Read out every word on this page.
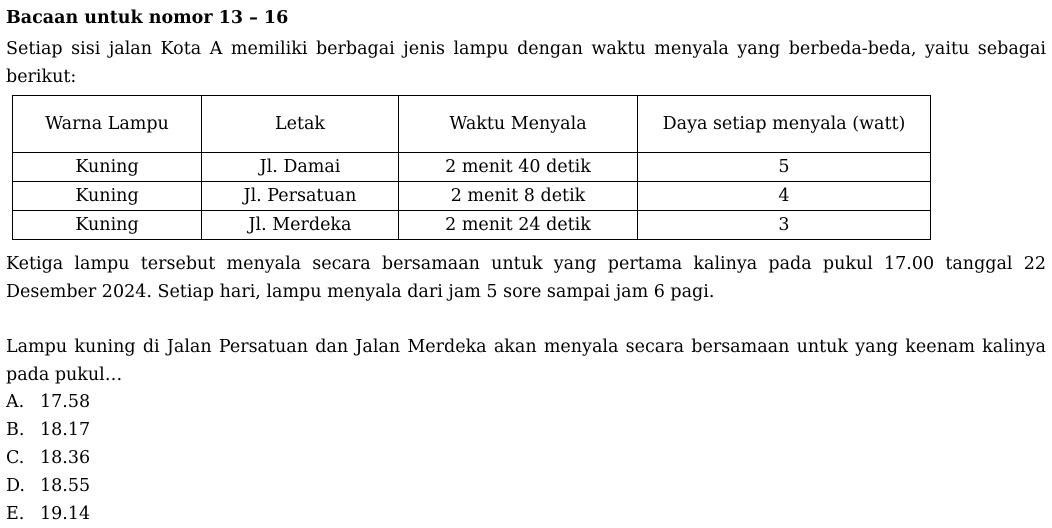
Bacaan untuk nomor 13 – 16
Setiap sisi jalan Kota A memiliki berbagai jenis lampu dengan waktu menyala yang berbeda-beda, yaitu sebagai berikut:
Warna Lampu	Letak	Waktu Menyala	Daya setiap menyala (watt)
Kuning	Jl. Damai	2 menit 40 detik	5
Kuning	Jl. Persatuan	2 menit 8 detik	4
Kuning	Jl. Merdeka	2 menit 24 detik	3
Ketiga lampu tersebut menyala secara bersamaan untuk yang pertama kalinya pada pukul 17.00 tanggal 22 Desember 2024. Setiap hari, lampu menyala dari jam 5 sore sampai jam 6 pagi.
Lampu kuning di Jalan Persatuan dan Jalan Merdeka akan menyala secara bersamaan untuk yang keenam kalinya pada pukul…
A. 17.58
B. 18.17
C. 18.36
D. 18.55
E. 19.14
